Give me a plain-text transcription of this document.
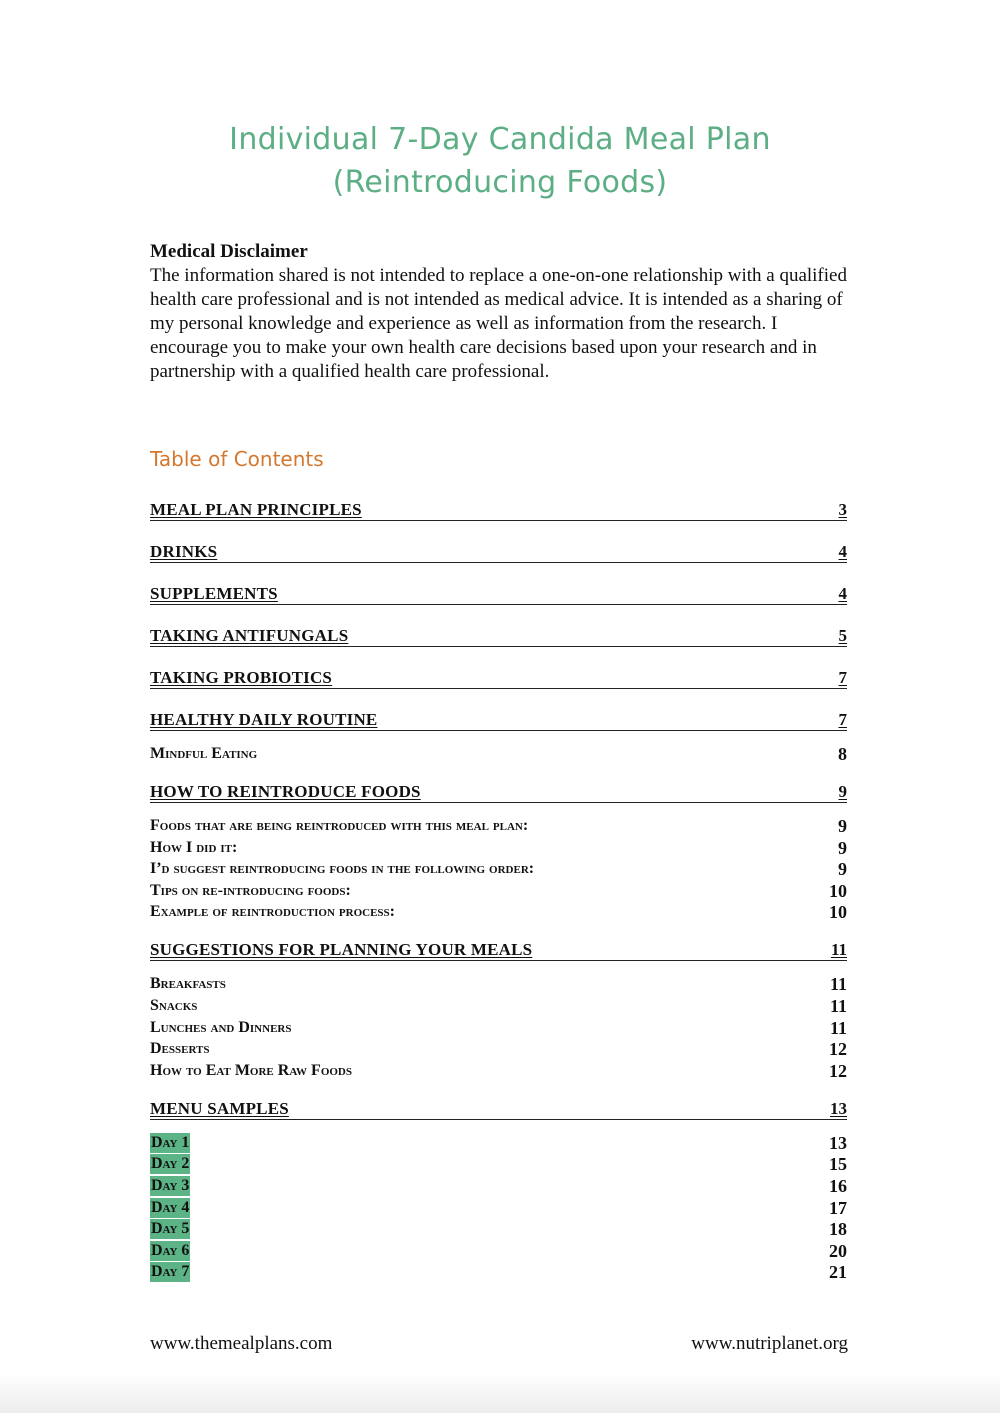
Individual 7-Day Candida Meal Plan
(Reintroducing Foods)
Medical Disclaimer
The information shared is not intended to replace a one-on-one relationship with a qualified health care professional and is not intended as medical advice. It is intended as a sharing of my personal knowledge and experience as well as information from the research. I encourage you to make your own health care decisions based upon your research and in partnership with a qualified health care professional.
Table of Contents
MEAL PLAN PRINCIPLES	3
DRINKS	4
SUPPLEMENTS	4
TAKING ANTIFUNGALS	5
TAKING PROBIOTICS	7
HEALTHY DAILY ROUTINE	7
Mindful Eating	8
HOW TO REINTRODUCE FOODS	9
Foods that are being reintroduced with this meal plan:	9
How I did it:	9
I’d suggest reintroducing foods in the following order:	9
Tips on re-introducing foods:	10
Example of reintroduction process:	10
SUGGESTIONS FOR PLANNING YOUR MEALS	11
Breakfasts	11
Snacks	11
Lunches and Dinners	11
Desserts	12
How to Eat More Raw Foods	12
MENU SAMPLES	13
Day 1	13
Day 2	15
Day 3	16
Day 4	17
Day 5	18
Day 6	20
Day 7	21
www.themealplans.com	www.nutriplanet.org
